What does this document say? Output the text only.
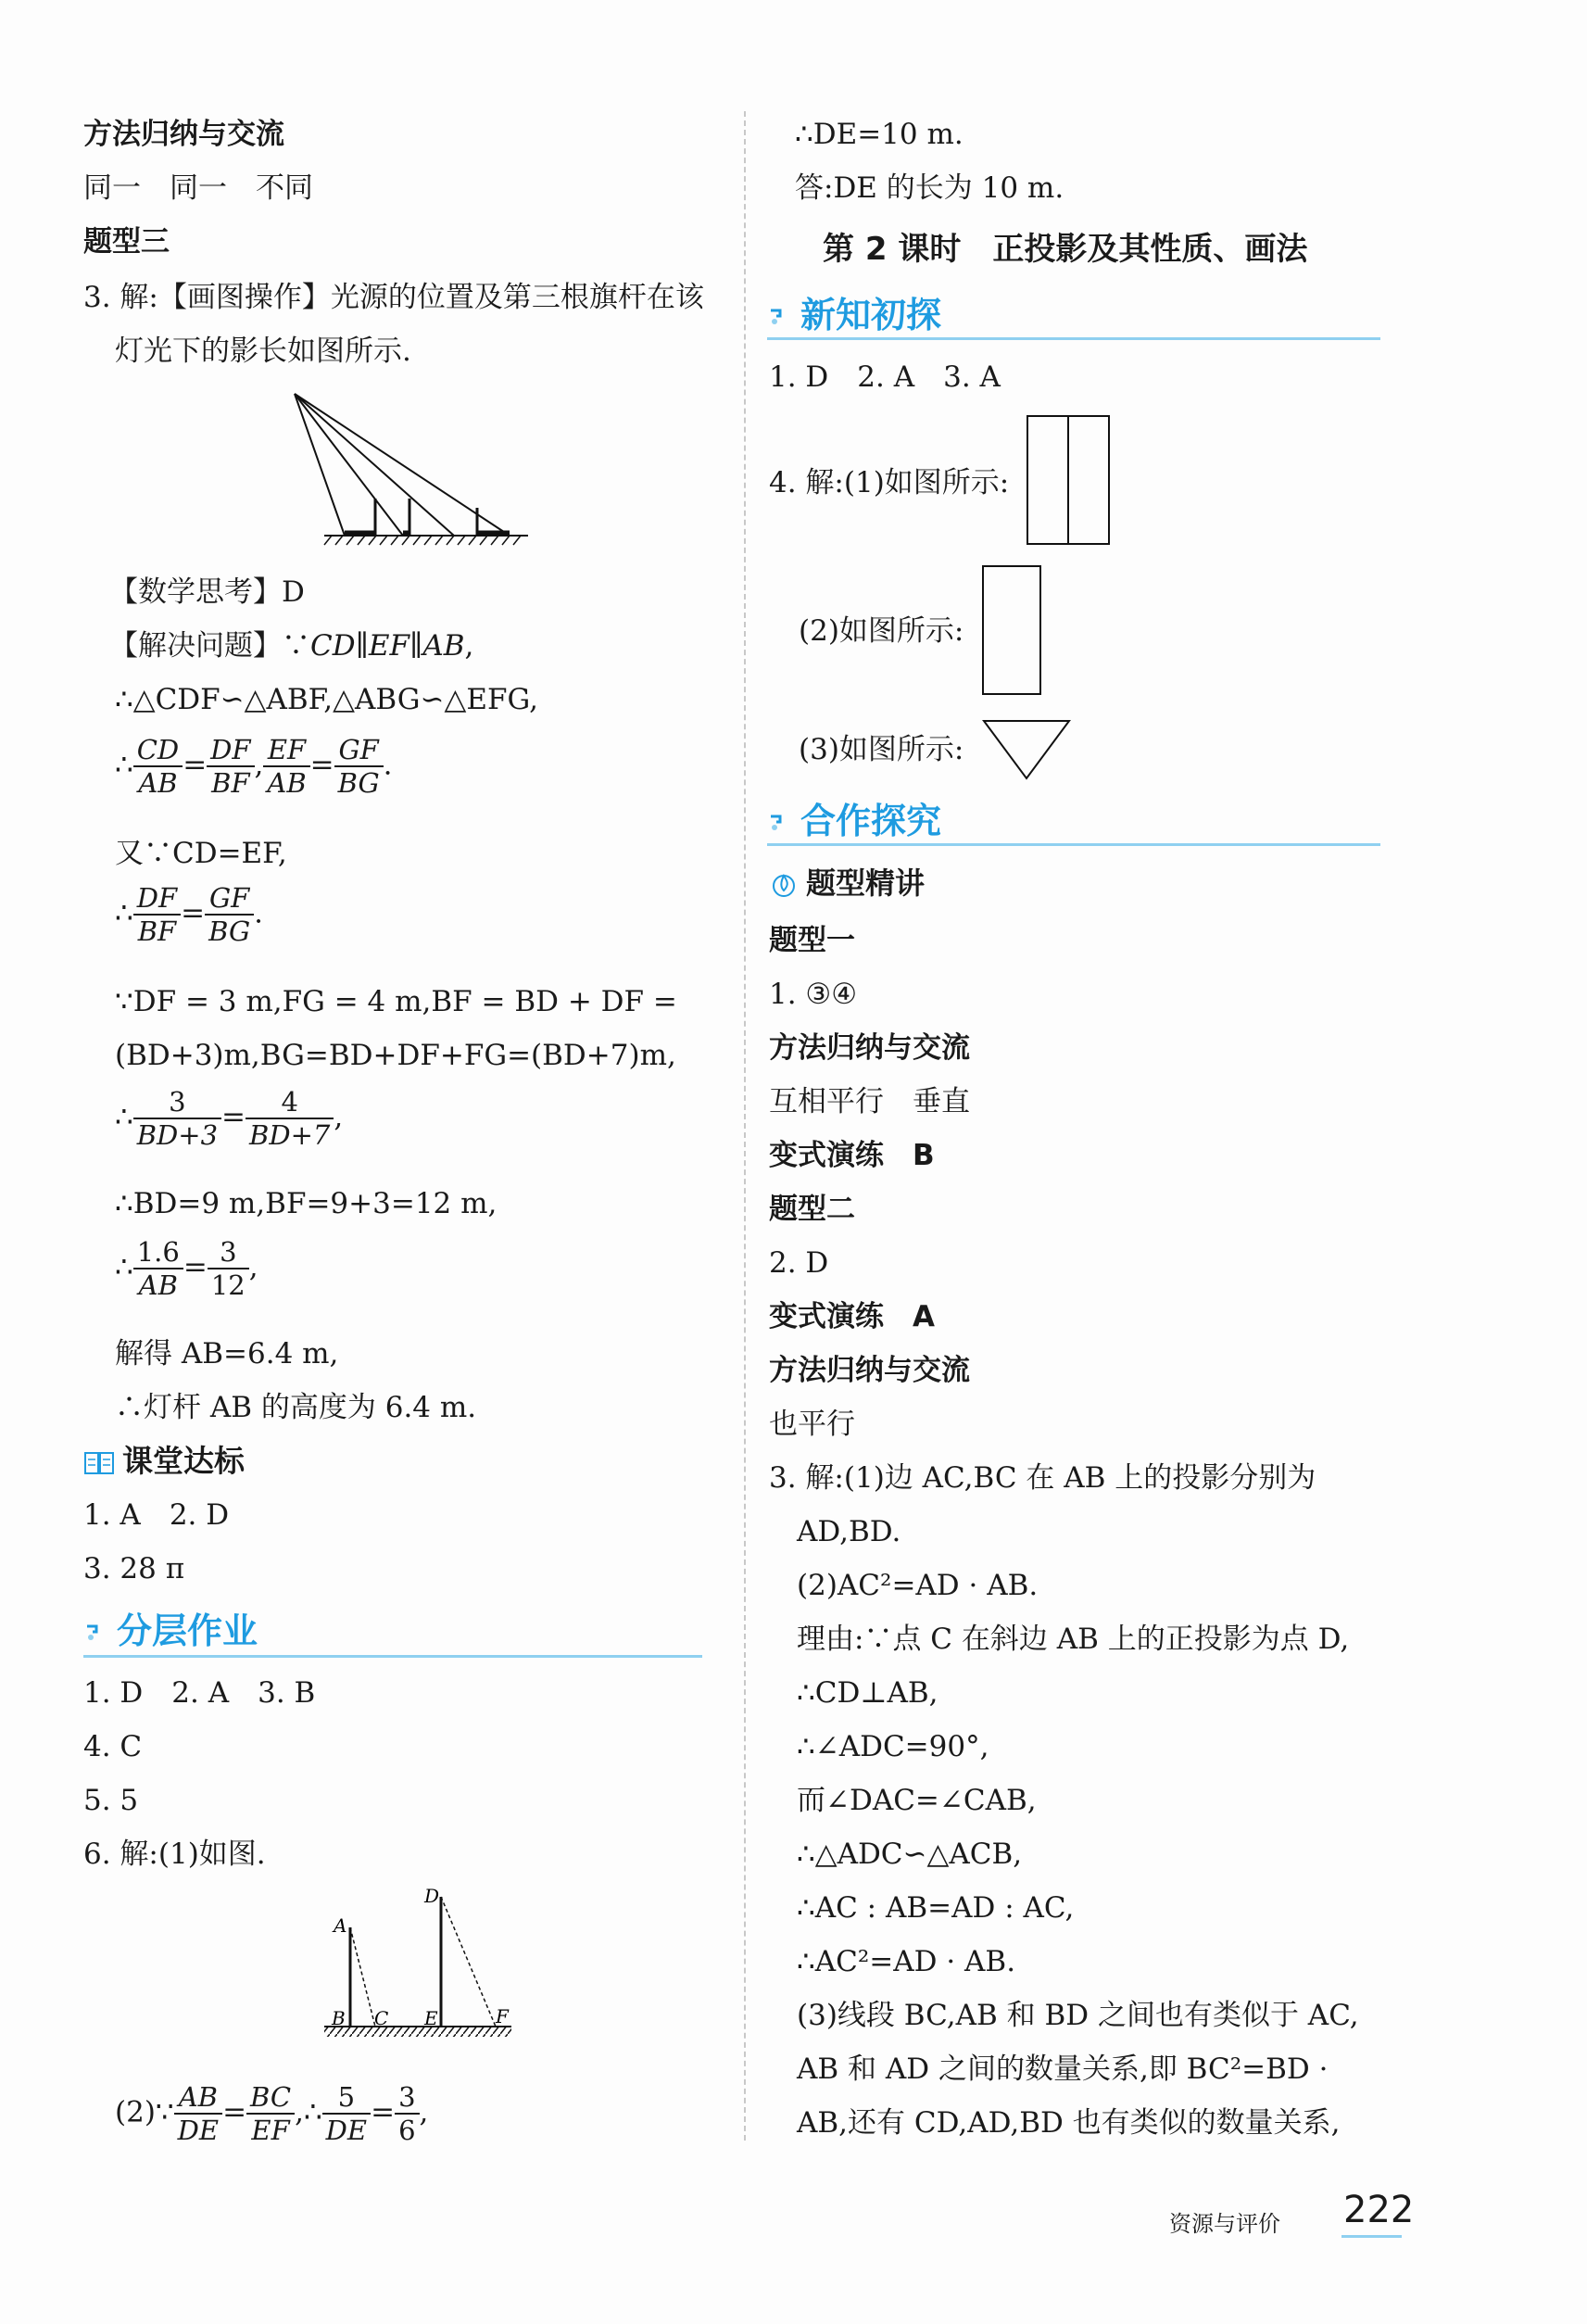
方法归纳与交流
同一　同一　不同
题型三
3. 解:【画图操作】光源的位置及第三根旗杆在该
灯光下的影长如图所示.
【数学思考】D
【解决问题】∵CD∥EF∥AB,
∴△CDF∽△ABF,△ABG∽△EFG,
∴ $\frac{CD}{AB} = \frac{DF}{BF}$ , $\frac{EF}{AB} = \frac{GF}{BG}$ .
又∵CD=EF,
∴ $\frac{DF}{BF} = \frac{GF}{BG}$ .
∵DF = 3 m,FG = 4 m,BF = BD + DF =
(BD+3)m,BG=BD+DF+FG=(BD+7)m,
∴ $\frac{3}{BD+3} = \frac{4}{BD+7}$ ,
∴BD=9 m,BF=9+3=12 m,
∴ $\frac{1.6}{AB} = \frac{3}{12}$ ,
解得 AB=6.4 m,
∴灯杆 AB 的高度为 6.4 m.
课堂达标
1. A　2. D
3. 28 π
分层作业
1. D　2. A　3. B
4. C
5. 5
6. 解:(1)如图.
A
B C
D
E	F
(2)∵ $\frac{AB}{DE} = \frac{BC}{EF}$ ,∴ $\frac{5}{DE} = \frac{3}{6}$ ,
∴DE=10 m.
答:DE 的长为 10 m.
第 2 课时　正投影及其性质、画法
新知初探
1. D　2. A　3. A
4. 解:(1)如图所示:
(2)如图所示:
(3)如图所示:
合作探究
题型精讲
题型一
1. ③④
方法归纳与交流
互相平行　垂直
变式演练　B
题型二
2. D
变式演练　A
方法归纳与交流
也平行
3. 解:(1)边 AC,BC 在 AB 上的投影分别为
AD,BD.
(2)AC²=AD · AB.
理由:∵点 C 在斜边 AB 上的正投影为点 D,
∴CD⊥AB,
∴∠ADC=90°,
而∠DAC=∠CAB,
∴△ADC∽△ACB,
∴AC : AB=AD : AC,
∴AC²=AD · AB.
(3)线段 BC,AB 和 BD 之间也有类似于 AC,
AB 和 AD 之间的数量关系,即 BC²=BD ·
AB,还有 CD,AD,BD 也有类似的数量关系,
资源与评价 222
